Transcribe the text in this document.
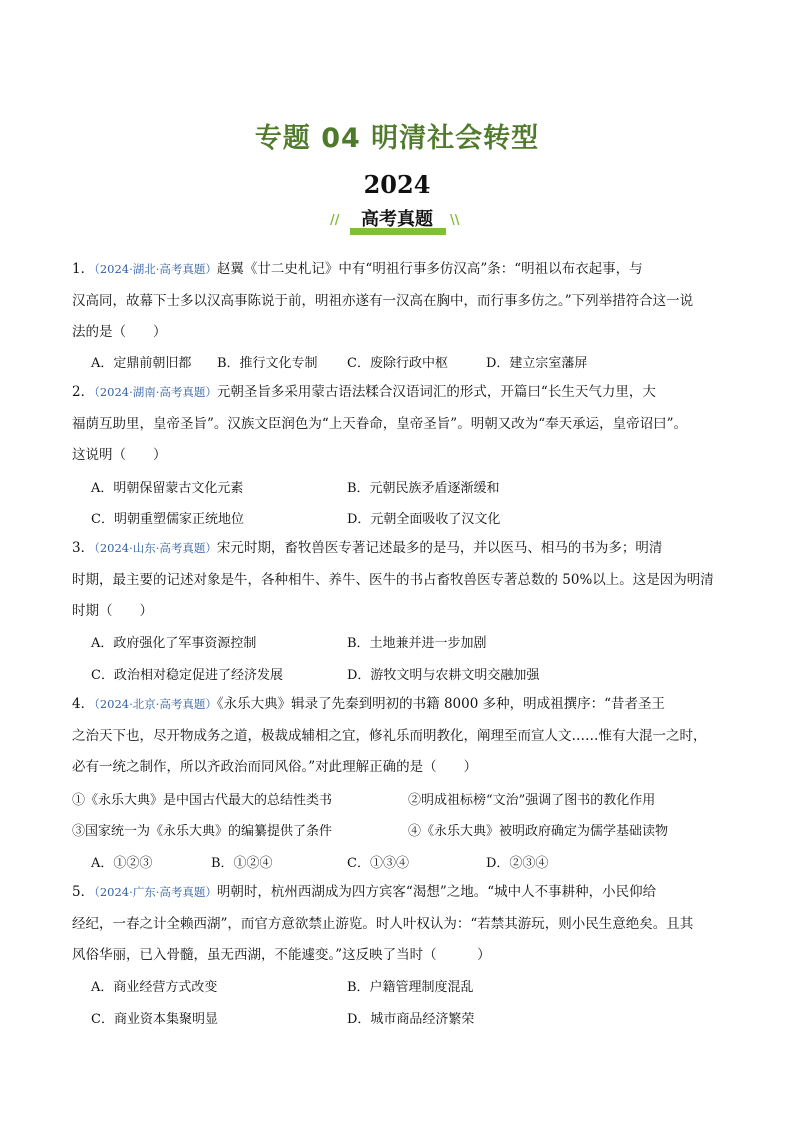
专题 04 明清社会转型
2024
//	\\
高考真题
1．（2024·湖北·高考真题）赵翼《廿二史札记》中有“明祖行事多仿汉高”条：“明祖以布衣起事，与
汉高同，故幕下士多以汉高事陈说于前，明祖亦遂有一汉高在胸中，而行事多仿之。”下列举措符合这一说
法的是（　　）
A．定鼎前朝旧都 B．推行文化专制 C．废除行政中枢	D．建立宗室藩屏
2．（2024·湖南·高考真题）元朝圣旨多采用蒙古语法糅合汉语词汇的形式，开篇曰“长生天气力里，大
福荫互助里，皇帝圣旨”。汉族文臣润色为“上天眷命，皇帝圣旨”。明朝又改为“奉天承运，皇帝诏曰”。
这说明（　　）
A．明朝保留蒙古文化元素	B．元朝民族矛盾逐渐缓和
C．明朝重塑儒家正统地位	D．元朝全面吸收了汉文化
3．（2024·山东·高考真题）宋元时期，畜牧兽医专著记述最多的是马，并以医马、相马的书为多；明清
时期，最主要的记述对象是牛，各种相牛、养牛、医牛的书占畜牧兽医专著总数的 50%以上。这是因为明清
时期（　　）
A．政府强化了军事资源控制	B．土地兼并进一步加剧
C．政治相对稳定促进了经济发展	D．游牧文明与农耕文明交融加强
4．（2024·北京·高考真题）《永乐大典》辑录了先秦到明初的书籍 8000 多种，明成祖撰序：“昔者圣王
之治天下也，尽开物成务之道，极裁成辅相之宜，修礼乐而明教化，阐理至而宣人文……惟有大混一之时，
必有一统之制作，所以齐政治而同风俗。”对此理解正确的是（　　）
①《永乐大典》是中国古代最大的总结性类书	②明成祖标榜“文治”强调了图书的教化作用
③国家统一为《永乐大典》的编纂提供了条件	④《永乐大典》被明政府确定为儒学基础读物
A．①②③	B．①②④	C．①③④	D．②③④
5．（2024·广东·高考真题）明朝时，杭州西湖成为四方宾客“渴想”之地。“城中人不事耕种，小民仰给
经纪，一春之计全赖西湖”，而官方意欲禁止游览。时人叶权认为：“若禁其游玩，则小民生意绝矣。且其
风俗华丽，已入骨髓，虽无西湖，不能遽变。”这反映了当时（　　　）
A．商业经营方式改变	B．户籍管理制度混乱
C．商业资本集聚明显	D．城市商品经济繁荣
